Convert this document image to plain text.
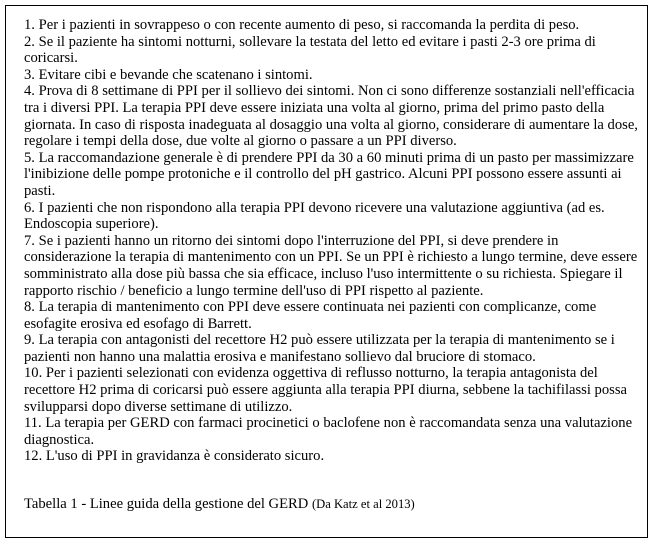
1. Per i pazienti in sovrappeso o con recente aumento di peso, si raccomanda la perdita di peso.
2. Se il paziente ha sintomi notturni, sollevare la testata del letto ed evitare i pasti 2-3 ore prima di coricarsi.
3. Evitare cibi e bevande che scatenano i sintomi.
4. Prova di 8 settimane di PPI per il sollievo dei sintomi. Non ci sono differenze sostanziali nell'efficacia tra i diversi PPI. La terapia PPI deve essere iniziata una volta al giorno, prima del primo pasto della giornata. In caso di risposta inadeguata al dosaggio una volta al giorno, considerare di aumentare la dose, regolare i tempi della dose, due volte al giorno o passare a un PPI diverso.
5. La raccomandazione generale è di prendere PPI da 30 a 60 minuti prima di un pasto per massimizzare l'inibizione delle pompe protoniche e il controllo del pH gastrico. Alcuni PPI possono essere assunti ai pasti.
6. I pazienti che non rispondono alla terapia PPI devono ricevere una valutazione aggiuntiva (ad es. Endoscopia superiore).
7. Se i pazienti hanno un ritorno dei sintomi dopo l'interruzione del PPI, si deve prendere in considerazione la terapia di mantenimento con un PPI. Se un PPI è richiesto a lungo termine, deve essere somministrato alla dose più bassa che sia efficace, incluso l'uso intermittente o su richiesta. Spiegare il rapporto rischio / beneficio a lungo termine dell'uso di PPI rispetto al paziente.
8. La terapia di mantenimento con PPI deve essere continuata nei pazienti con complicanze, come esofagite erosiva ed esofago di Barrett.
9. La terapia con antagonisti del recettore H2 può essere utilizzata per la terapia di mantenimento se i pazienti non hanno una malattia erosiva e manifestano sollievo dal bruciore di stomaco.
10. Per i pazienti selezionati con evidenza oggettiva di reflusso notturno, la terapia antagonista del recettore H2 prima di coricarsi può essere aggiunta alla terapia PPI diurna, sebbene la tachifilassi possa svilupparsi dopo diverse settimane di utilizzo.
11. La terapia per GERD con farmaci procinetici o baclofene non è raccomandata senza una valutazione diagnostica.
12. L'uso di PPI in gravidanza è considerato sicuro.
Tabella 1 - Linee guida della gestione del GERD (Da Katz et al 2013)
